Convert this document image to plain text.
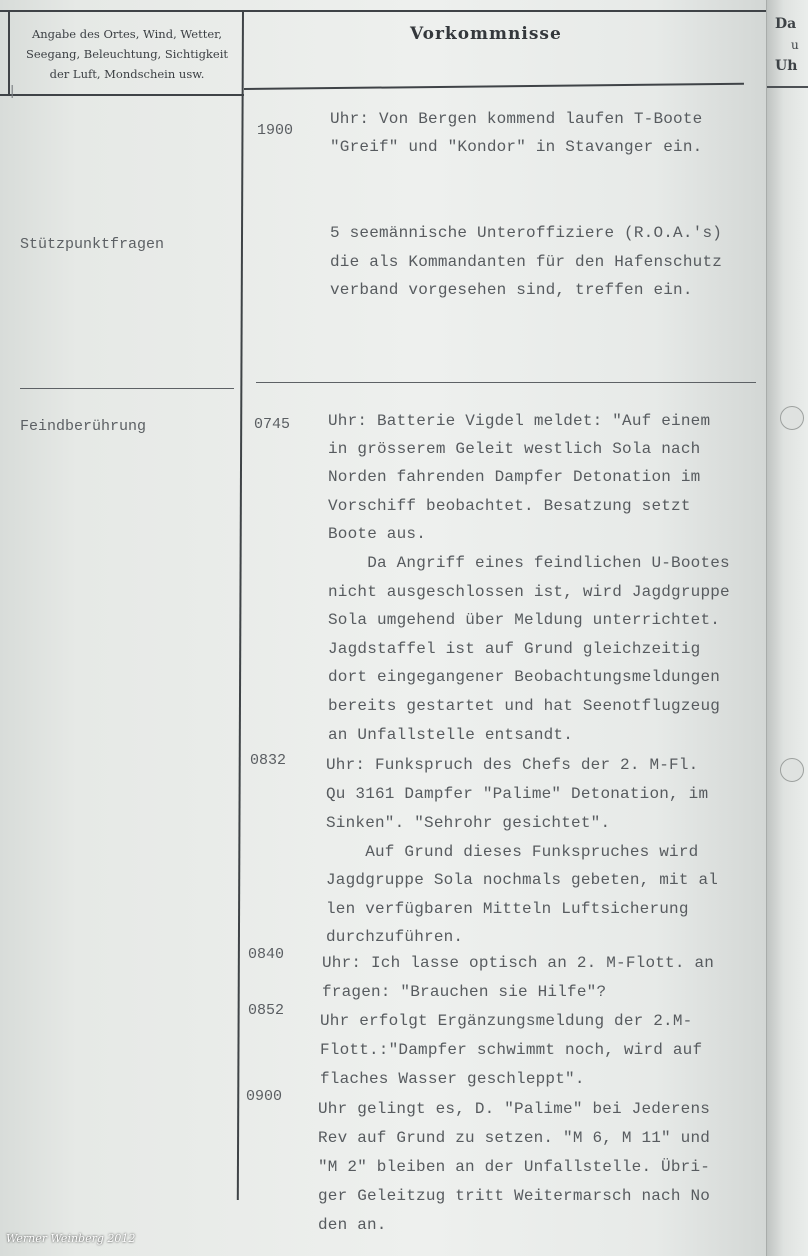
|
Angabe des Ortes, Wind, Wetter,
Seegang, Beleuchtung, Sichtigkeit
der Luft, Mondschein usw.
Vorkommnisse
Stützpunktfragen
Feindberührung
1900
Uhr: Von Bergen kommend laufen T-Boote
"Greif" und "Kondor" in Stavanger ein.
5 seemännische Unteroffiziere (R.O.A.'s)
die als Kommandanten für den Hafenschutz
verband vorgesehen sind, treffen ein.
0745 Uhr: Batterie Vigdel meldet: "Auf einem
in grösserem Geleit westlich Sola nach
Norden fahrenden Dampfer Detonation im
Vorschiff beobachtet. Besatzung setzt
Boote aus.
Da Angriff eines feindlichen U-Bootes
nicht ausgeschlossen ist, wird Jagdgruppe
Sola umgehend über Meldung unterrichtet.
Jagdstaffel ist auf Grund gleichzeitig
dort eingegangener Beobachtungsmeldungen
bereits gestartet und hat Seenotflugzeug
an Unfallstelle entsandt.
0832 Uhr: Funkspruch des Chefs der 2. M-Fl.
Qu 3161 Dampfer "Palime" Detonation, im
Sinken". "Sehrohr gesichtet".
Auf Grund dieses Funkspruches wird
Jagdgruppe Sola nochmals gebeten, mit al
len verfügbaren Mitteln Luftsicherung
durchzuführen.
0840 Uhr: Ich lasse optisch an 2. M-Flott. an
fragen: "Brauchen sie Hilfe"?
0852
Uhr erfolgt Ergänzungsmeldung der 2.M-
Flott.:"Dampfer schwimmt noch, wird auf
flaches Wasser geschleppt".
0900
Uhr gelingt es, D. "Palime" bei Jederens
Rev auf Grund zu setzen. "M 6, M 11" und
"M 2" bleiben an der Unfallstelle. Übri-
ger Geleitzug tritt Weitermarsch nach No
den an.
Da
u
Uh
Werner Weinberg 2012
